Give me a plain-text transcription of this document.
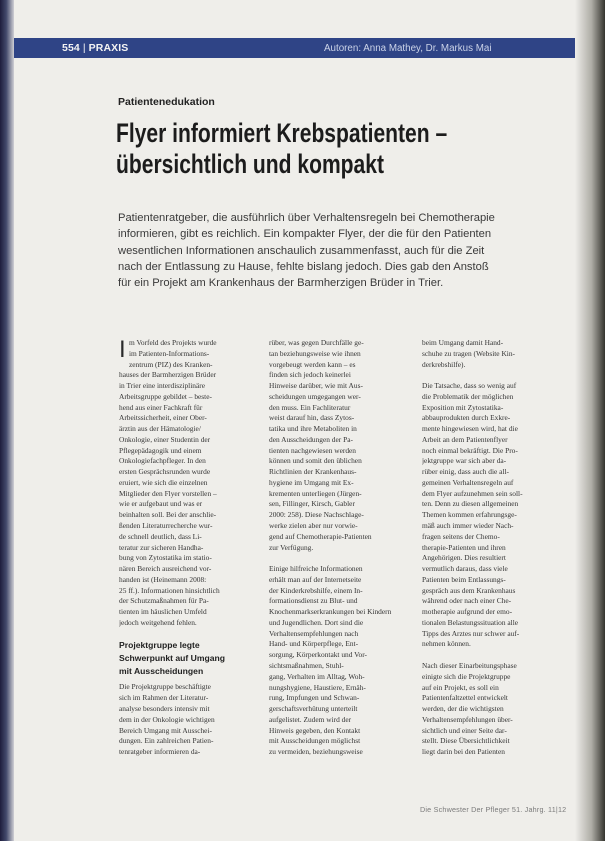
554 | PRAXIS	Autoren: Anna Mathey, Dr. Markus Mai
Patientenedukation
Flyer informiert Krebspatienten –
übersichtlich und kompakt
Patientenratgeber, die ausführlich über Verhaltensregeln bei Chemotherapie
informieren, gibt es reichlich. Ein kompakter Flyer, der die für den Patienten
wesentlichen Informationen anschaulich zusammenfasst, auch für die Zeit
nach der Entlassung zu Hause, fehlte bislang jedoch. Dies gab den Anstoß
für ein Projekt am Krankenhaus der Barmherzigen Brüder in Trier.
I m Vorfeld des Projekts wurde
im Patienten-Informations-
zentrum (PIZ) des Kranken-
hauses der Barmherzigen Brüder
in Trier eine interdisziplinäre
Arbeitsgruppe gebildet – beste-
hend aus einer Fachkraft für
Arbeitssicherheit, einer Ober-
ärztin aus der Hämatologie/
Onkologie, einer Studentin der
Pflegepädagogik und einem
Onkologiefachpfleger. In den
ersten Gesprächsrunden wurde
eruiert, wie sich die einzelnen
Mitglieder den Flyer vorstellen –
wie er aufgebaut und was er
beinhalten soll. Bei der anschlie-
ßenden Literaturrecherche wur-
de schnell deutlich, dass Li-
teratur zur sicheren Handha-
bung von Zytostatika im statio-
nären Bereich ausreichend vor-
handen ist (Heinemann 2008:
25 ff.). Informationen hinsichtlich
der Schutzmaßnahmen für Pa-
tienten im häuslichen Umfeld
jedoch weitgehend fehlen.
Projektgruppe legte
Schwerpunkt auf Umgang
mit Ausscheidungen
Die Projektgruppe beschäftigte
sich im Rahmen der Literatur-
analyse besonders intensiv mit
dem in der Onkologie wichtigen
Bereich Umgang mit Ausschei-
dungen. Ein zahlreichen Patien-
tenratgeber informieren da-
rüber, was gegen Durchfälle ge-
tan beziehungsweise wie ihnen
vorgebeugt werden kann – es
finden sich jedoch keinerlei
Hinweise darüber, wie mit Aus-
scheidungen umgegangen wer-
den muss. Ein Fachliteratur
weist darauf hin, dass Zytos-
tatika und ihre Metaboliten in
den Ausscheidungen der Pa-
tienten nachgewiesen werden
können und somit den üblichen
Richtlinien der Krankenhaus-
hygiene im Umgang mit Ex-
krementen unterliegen (Jürgen-
sen, Fillinger, Kirsch, Gabler
2000: 258). Diese Nachschlage-
werke zielen aber nur vorwie-
gend auf Chemotherapie-Patienten
zur Verfügung.
Einige hilfreiche Informationen
erhält man auf der Internetseite
der Kinderkrebshilfe, einem In-
formationsdienst zu Blut- und
Knochenmarkserkrankungen bei Kindern
und Jugendlichen. Dort sind die
Verhaltensempfehlungen nach
Hand- und Körperpflege, Ent-
sorgung, Körperkontakt und Vor-
sichtsmaßnahmen, Stuhl-
gang, Verhalten im Alltag, Woh-
nungshygiene, Haustiere, Ernäh-
rung, Impfungen und Schwan-
gerschaftsverhütung unterteilt
aufgelistet. Zudem wird der
Hinweis gegeben, den Kontakt
mit Ausscheidungen möglichst
zu vermeiden, beziehungsweise
beim Umgang damit Hand-
schuhe zu tragen (Website Kin-
derkrebshilfe).
Die Tatsache, dass so wenig auf
die Problematik der möglichen
Exposition mit Zytostatika-
abbauprodukten durch Exkre-
mente hingewiesen wird, hat die
Arbeit an dem Patientenflyer
noch einmal bekräftigt. Die Pro-
jektgruppe war sich aber da-
rüber einig, dass auch die all-
gemeinen Verhaltensregeln auf
dem Flyer aufzunehmen sein soll-
ten. Denn zu diesen allgemeinen
Themen kommen erfahrungsge-
mäß auch immer wieder Nach-
fragen seitens der Chemo-
therapie-Patienten und ihren
Angehörigen. Dies resultiert
vermutlich daraus, dass viele
Patienten beim Entlassungs-
gespräch aus dem Krankenhaus
während oder nach einer Che-
motherapie aufgrund der emo-
tionalen Belastungssituation alle
Tipps des Arztes nur schwer auf-
nehmen können.
Nach dieser Einarbeitungsphase
einigte sich die Projektgruppe
auf ein Projekt, es soll ein
Patientenfaltzettel entwickelt
werden, der die wichtigsten
Verhaltensempfehlungen über-
sichtlich und einer Seite dar-
stellt. Diese Übersichtlichkeit
liegt darin bei den Patienten
Die Schwester Der Pfleger 51. Jahrg. 11|12
